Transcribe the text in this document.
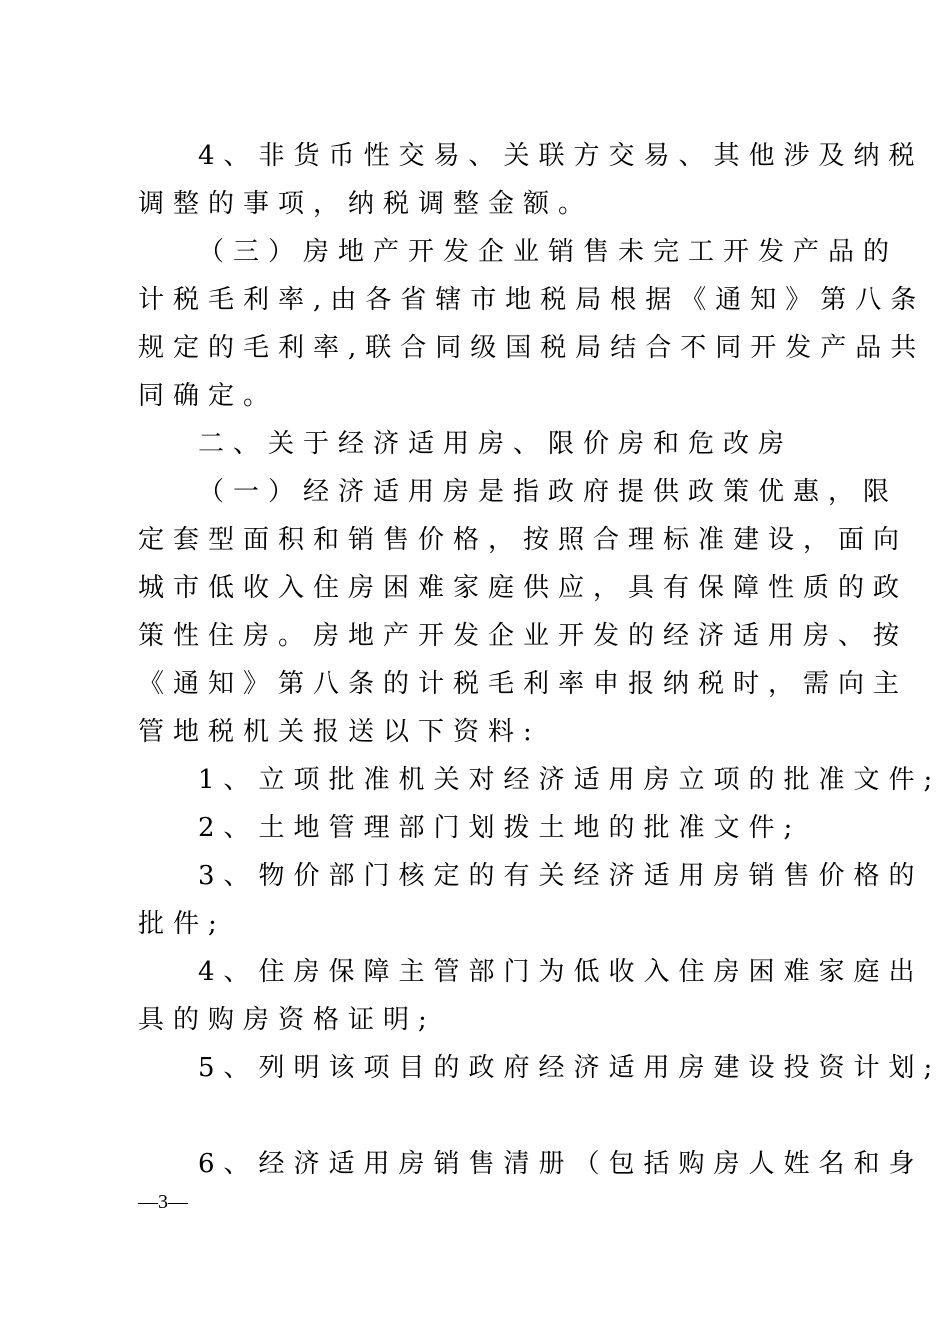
4、非货币性交易、关联方交易、其他涉及纳税
调整的事项，纳税调整金额。
（三）房地产开发企业销售未完工开发产品的
计税毛利率,由各省辖市地税局根据《通知》第八条
规定的毛利率,联合同级国税局结合不同开发产品共
同确定。
二、关于经济适用房、限价房和危改房
（一）经济适用房是指政府提供政策优惠，限
定套型面积和销售价格，按照合理标准建设，面向
城市低收入住房困难家庭供应，具有保障性质的政
策性住房。房地产开发企业开发的经济适用房、按
《通知》第八条的计税毛利率申报纳税时，需向主
管地税机关报送以下资料:
1、立项批准机关对经济适用房立项的批准文件;
2、土地管理部门划拨土地的批准文件;
3、物价部门核定的有关经济适用房销售价格的
批件;
4、住房保障主管部门为低收入住房困难家庭出
具的购房资格证明;
5、列明该项目的政府经济适用房建设投资计划;
6、经济适用房销售清册（包括购房人姓名和身
—3—
